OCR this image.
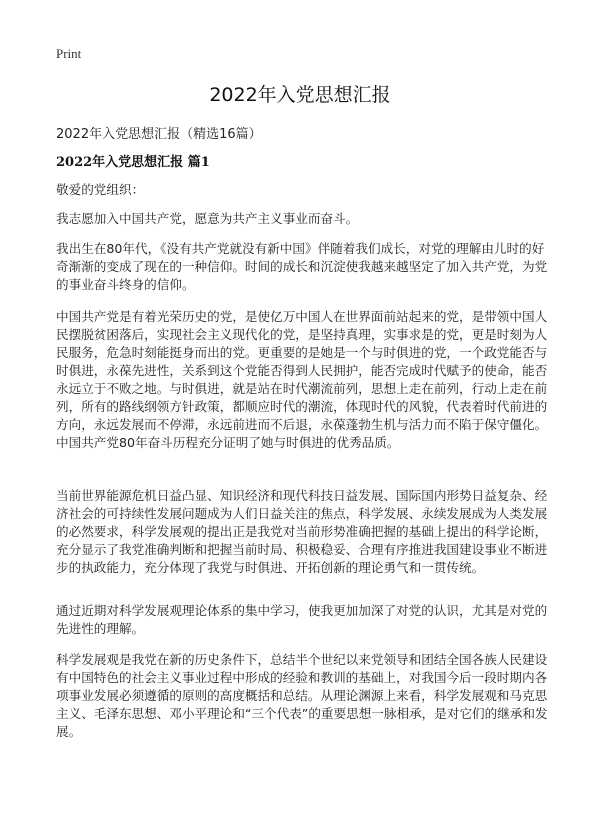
Print
2022年入党思想汇报
2022年入党思想汇报（精选16篇）
2022年入党思想汇报 篇1

敬爱的党组织：

我志愿加入中国共产党，愿意为共产主义事业而奋斗。

我出生在80年代，《没有共产党就没有新中国》伴随着我们成长，对党的理解由儿时的好奇渐渐的变成了现在的一种信仰。时间的成长和沉淀使我越来越坚定了加入共产党，为党的事业奋斗终身的信仰。

中国共产党是有着光荣历史的党，是使亿万中国人在世界面前站起来的党，是带领中国人民摆脱贫困落后，实现社会主义现代化的党，是坚持真理，实事求是的党，更是时刻为人民服务，危急时刻能挺身而出的党。更重要的是她是一个与时俱进的党，一个政党能否与时俱进，永葆先进性，关系到这个党能否得到人民拥护，能否完成时代赋予的使命，能否永远立于不败之地。与时俱进，就是站在时代潮流前列，思想上走在前列，行动上走在前列，所有的路线纲领方针政策，都顺应时代的潮流，体现时代的风貌，代表着时代前进的方向，永远发展而不停滞，永远前进而不后退，永葆蓬勃生机与活力而不陷于保守僵化。中国共产党80年奋斗历程充分证明了她与时俱进的优秀品质。

当前世界能源危机日益凸显、知识经济和现代科技日益发展、国际国内形势日益复杂、经济社会的可持续性发展问题成为人们日益关注的焦点，科学发展、永续发展成为人类发展的必然要求，科学发展观的提出正是我党对当前形势准确把握的基础上提出的科学论断，充分显示了我党准确判断和把握当前时局、积极稳妥、合理有序推进我国建设事业不断进步的执政能力，充分体现了我党与时俱进、开拓创新的理论勇气和一贯传统。

通过近期对科学发展观理论体系的集中学习，使我更加加深了对党的认识，尤其是对党的先进性的理解。

科学发展观是我党在新的历史条件下，总结半个世纪以来党领导和团结全国各族人民建设有中国特色的社会主义事业过程中形成的经验和教训的基础上，对我国今后一段时期内各项事业发展必须遵循的原则的高度概括和总结。从理论渊源上来看，科学发展观和马克思主义、毛泽东思想、邓小平理论和“三个代表”的重要思想一脉相承，是对它们的继承和发展。
